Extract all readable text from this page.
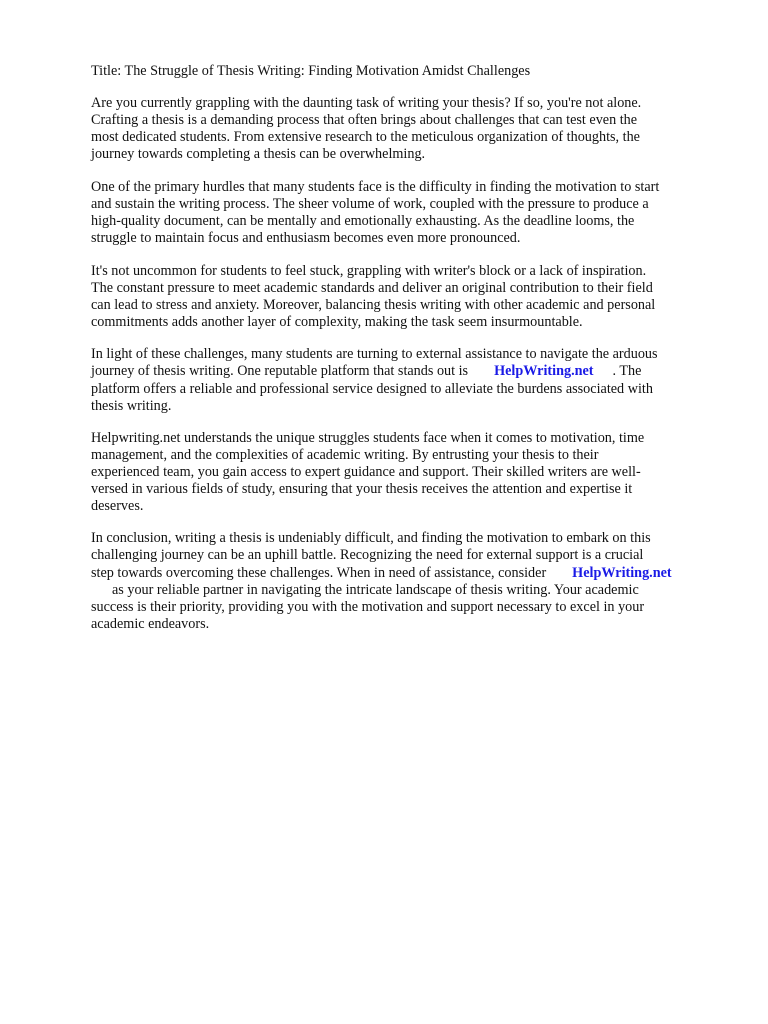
Title: The Struggle of Thesis Writing: Finding Motivation Amidst Challenges
Are you currently grappling with the daunting task of writing your thesis? If so, you're not alone.
Crafting a thesis is a demanding process that often brings about challenges that can test even the
most dedicated students. From extensive research to the meticulous organization of thoughts, the
journey towards completing a thesis can be overwhelming.
One of the primary hurdles that many students face is the difficulty in finding the motivation to start
and sustain the writing process. The sheer volume of work, coupled with the pressure to produce a
high-quality document, can be mentally and emotionally exhausting. As the deadline looms, the
struggle to maintain focus and enthusiasm becomes even more pronounced.
It's not uncommon for students to feel stuck, grappling with writer's block or a lack of inspiration.
The constant pressure to meet academic standards and deliver an original contribution to their field
can lead to stress and anxiety. Moreover, balancing thesis writing with other academic and personal
commitments adds another layer of complexity, making the task seem insurmountable.
In light of these challenges, many students are turning to external assistance to navigate the arduous
journey of thesis writing. One reputable platform that stands out is HelpWriting.net . The
platform offers a reliable and professional service designed to alleviate the burdens associated with
thesis writing.
Helpwriting.net understands the unique struggles students face when it comes to motivation, time
management, and the complexities of academic writing. By entrusting your thesis to their
experienced team, you gain access to expert guidance and support. Their skilled writers are well-
versed in various fields of study, ensuring that your thesis receives the attention and expertise it
deserves.
In conclusion, writing a thesis is undeniably difficult, and finding the motivation to embark on this
challenging journey can be an uphill battle. Recognizing the need for external support is a crucial
step towards overcoming these challenges. When in need of assistance, consider HelpWriting.net
as your reliable partner in navigating the intricate landscape of thesis writing. Your academic
success is their priority, providing you with the motivation and support necessary to excel in your
academic endeavors.
